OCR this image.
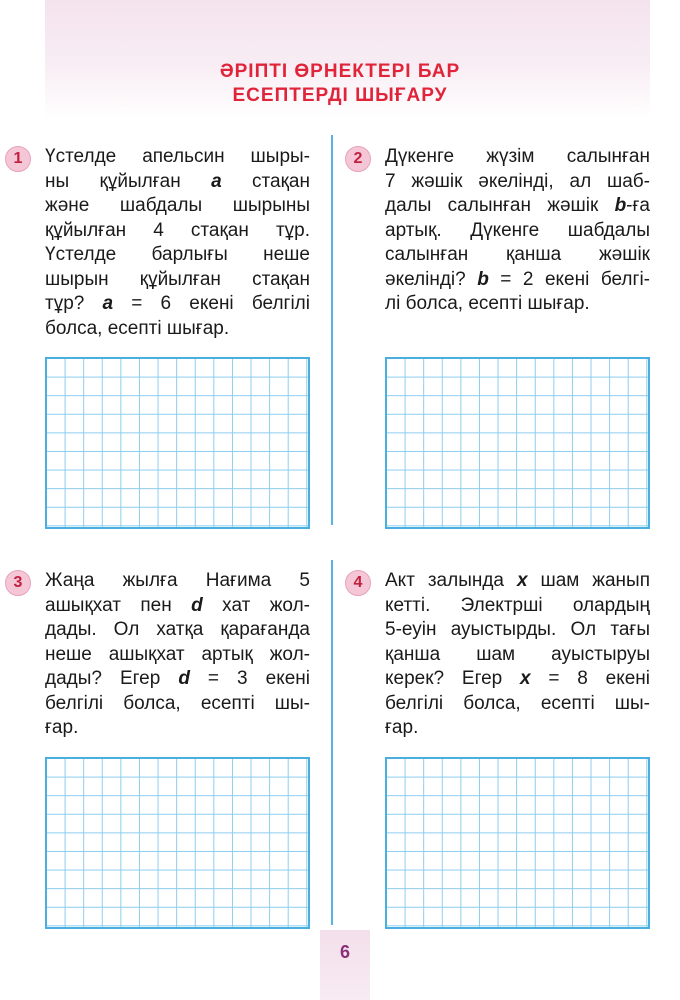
ӘРІПТІ ӨРНЕКТЕРІ БАР
ЕСЕПТЕРДІ ШЫҒАРУ
1	Үстелде апельсин шыры-
ны құйылған a стақан
және шабдалы шырыны
құйылған 4 стақан тұр.
Үстелде барлығы неше
шырын құйылған стақан
тұр? a = 6 екені белгілі
болса, есепті шығар.
2	Дүкенге жүзім салынған
7 жәшік әкелінді, ал шаб-
далы салынған жәшік b-ға
артық. Дүкенге шабдалы
салынған қанша жәшік
әкелінді? b = 2 екені белгі-
лі болса, есепті шығар.
3	Жаңа жылға Нағима 5
ашықхат пен d хат жол-
дады. Ол хатқа қарағанда
неше ашықхат артық жол-
дады? Егер d = 3 екені
белгілі болса, есепті шы-
ғар.
4	Акт залында x шам жанып
кетті. Электрші олардың
5-еуін ауыстырды. Ол тағы
қанша шам ауыстыруы
керек? Егер x = 8 екені
белгілі болса, есепті шы-
ғар.
6
